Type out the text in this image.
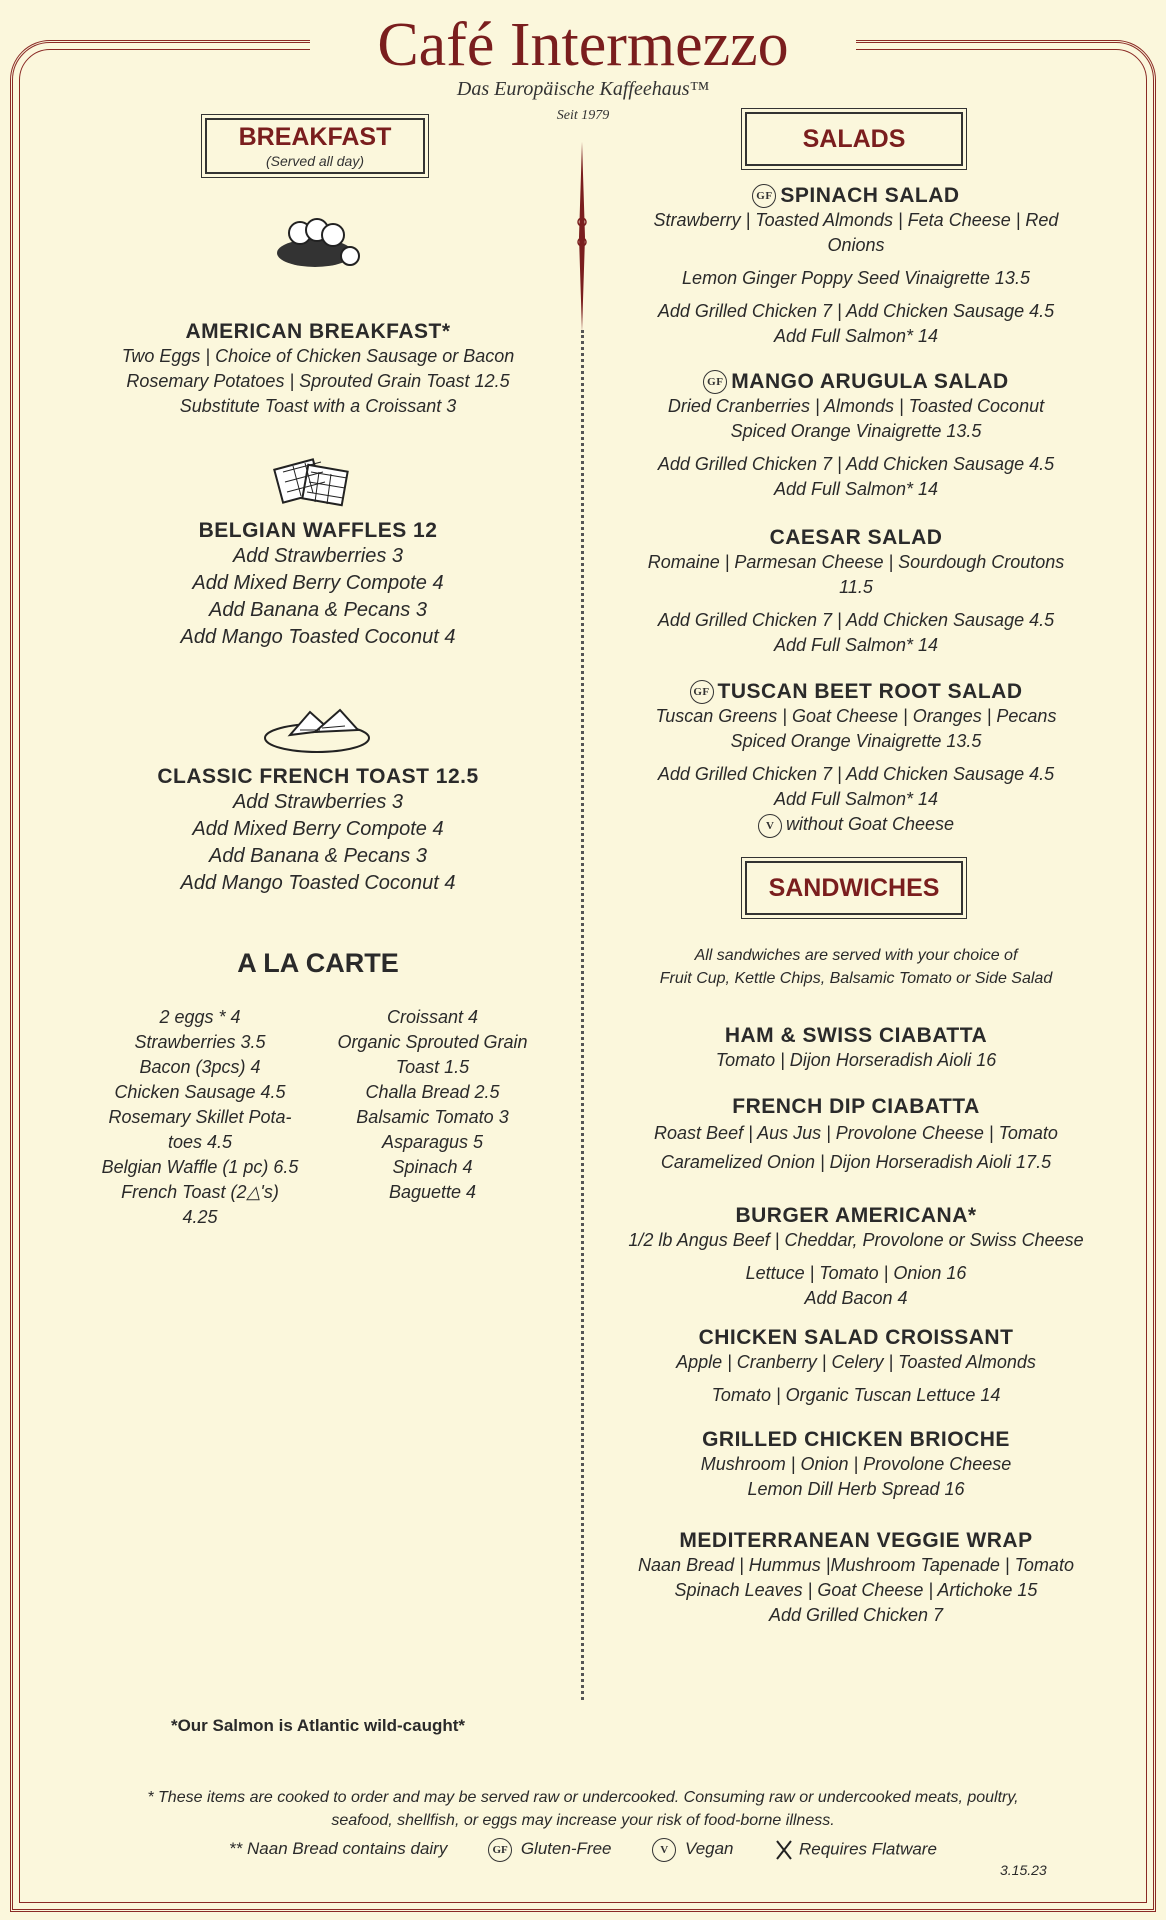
Café Intermezzo
Das Europäische Kaffeehaus™
Seit 1979
BREAKFAST
(Served all day)
SALADS
SANDWICHES
AMERICAN BREAKFAST*
Two Eggs | Choice of Chicken Sausage or Bacon
Rosemary Potatoes | Sprouted Grain Toast 12.5
Substitute Toast with a Croissant 3
BELGIAN WAFFLES 12
Add Strawberries 3
Add Mixed Berry Compote 4
Add Banana & Pecans 3
Add Mango Toasted Coconut 4
CLASSIC FRENCH TOAST 12.5
Add Strawberries 3
Add Mixed Berry Compote 4
Add Banana & Pecans 3
Add Mango Toasted Coconut 4
A LA CARTE
2 eggs * 4
Strawberries 3.5
Bacon (3pcs) 4
Chicken Sausage 4.5
Rosemary Skillet Pota-
toes 4.5
Belgian Waffle (1 pc) 6.5
French Toast (2△'s)
4.25
Croissant 4
Organic Sprouted Grain
Toast 1.5
Challa Bread 2.5
Balsamic Tomato 3
Asparagus 5
Spinach 4
Baguette 4
GF SPINACH SALAD
Strawberry | Toasted Almonds | Feta Cheese | Red
Onions
Lemon Ginger Poppy Seed Vinaigrette 13.5
Add Grilled Chicken 7 | Add Chicken Sausage 4.5
Add Full Salmon* 14
GF MANGO ARUGULA SALAD
Dried Cranberries | Almonds | Toasted Coconut
Spiced Orange Vinaigrette 13.5
Add Grilled Chicken 7 | Add Chicken Sausage 4.5
Add Full Salmon* 14
CAESAR SALAD
Romaine | Parmesan Cheese | Sourdough Croutons
11.5
Add Grilled Chicken 7 | Add Chicken Sausage 4.5
Add Full Salmon* 14
GF TUSCAN BEET ROOT SALAD
Tuscan Greens | Goat Cheese | Oranges | Pecans
Spiced Orange Vinaigrette 13.5
Add Grilled Chicken 7 | Add Chicken Sausage 4.5
Add Full Salmon* 14
V without Goat Cheese
All sandwiches are served with your choice of
Fruit Cup, Kettle Chips, Balsamic Tomato or Side Salad
HAM & SWISS CIABATTA
Tomato | Dijon Horseradish Aioli 16
FRENCH DIP CIABATTA
Roast Beef | Aus Jus | Provolone Cheese | Tomato
Caramelized Onion | Dijon Horseradish Aioli 17.5
BURGER AMERICANA*
1/2 lb Angus Beef | Cheddar, Provolone or Swiss Cheese
Lettuce | Tomato | Onion 16
Add Bacon 4
CHICKEN SALAD CROISSANT
Apple | Cranberry | Celery | Toasted Almonds
Tomato | Organic Tuscan Lettuce 14
GRILLED CHICKEN BRIOCHE
Mushroom | Onion | Provolone Cheese
Lemon Dill Herb Spread 16
MEDITERRANEAN VEGGIE WRAP
Naan Bread | Hummus |Mushroom Tapenade | Tomato
Spinach Leaves | Goat Cheese | Artichoke 15
Add Grilled Chicken 7
*Our Salmon is Atlantic wild-caught*
* These items are cooked to order and may be served raw or undercooked. Consuming raw or undercooked meats, poultry,
seafood, shellfish, or eggs may increase your risk of food-borne illness.
** Naan Bread contains dairy	GF Gluten-Free	V Vegan	Requires Flatware
3.15.23
